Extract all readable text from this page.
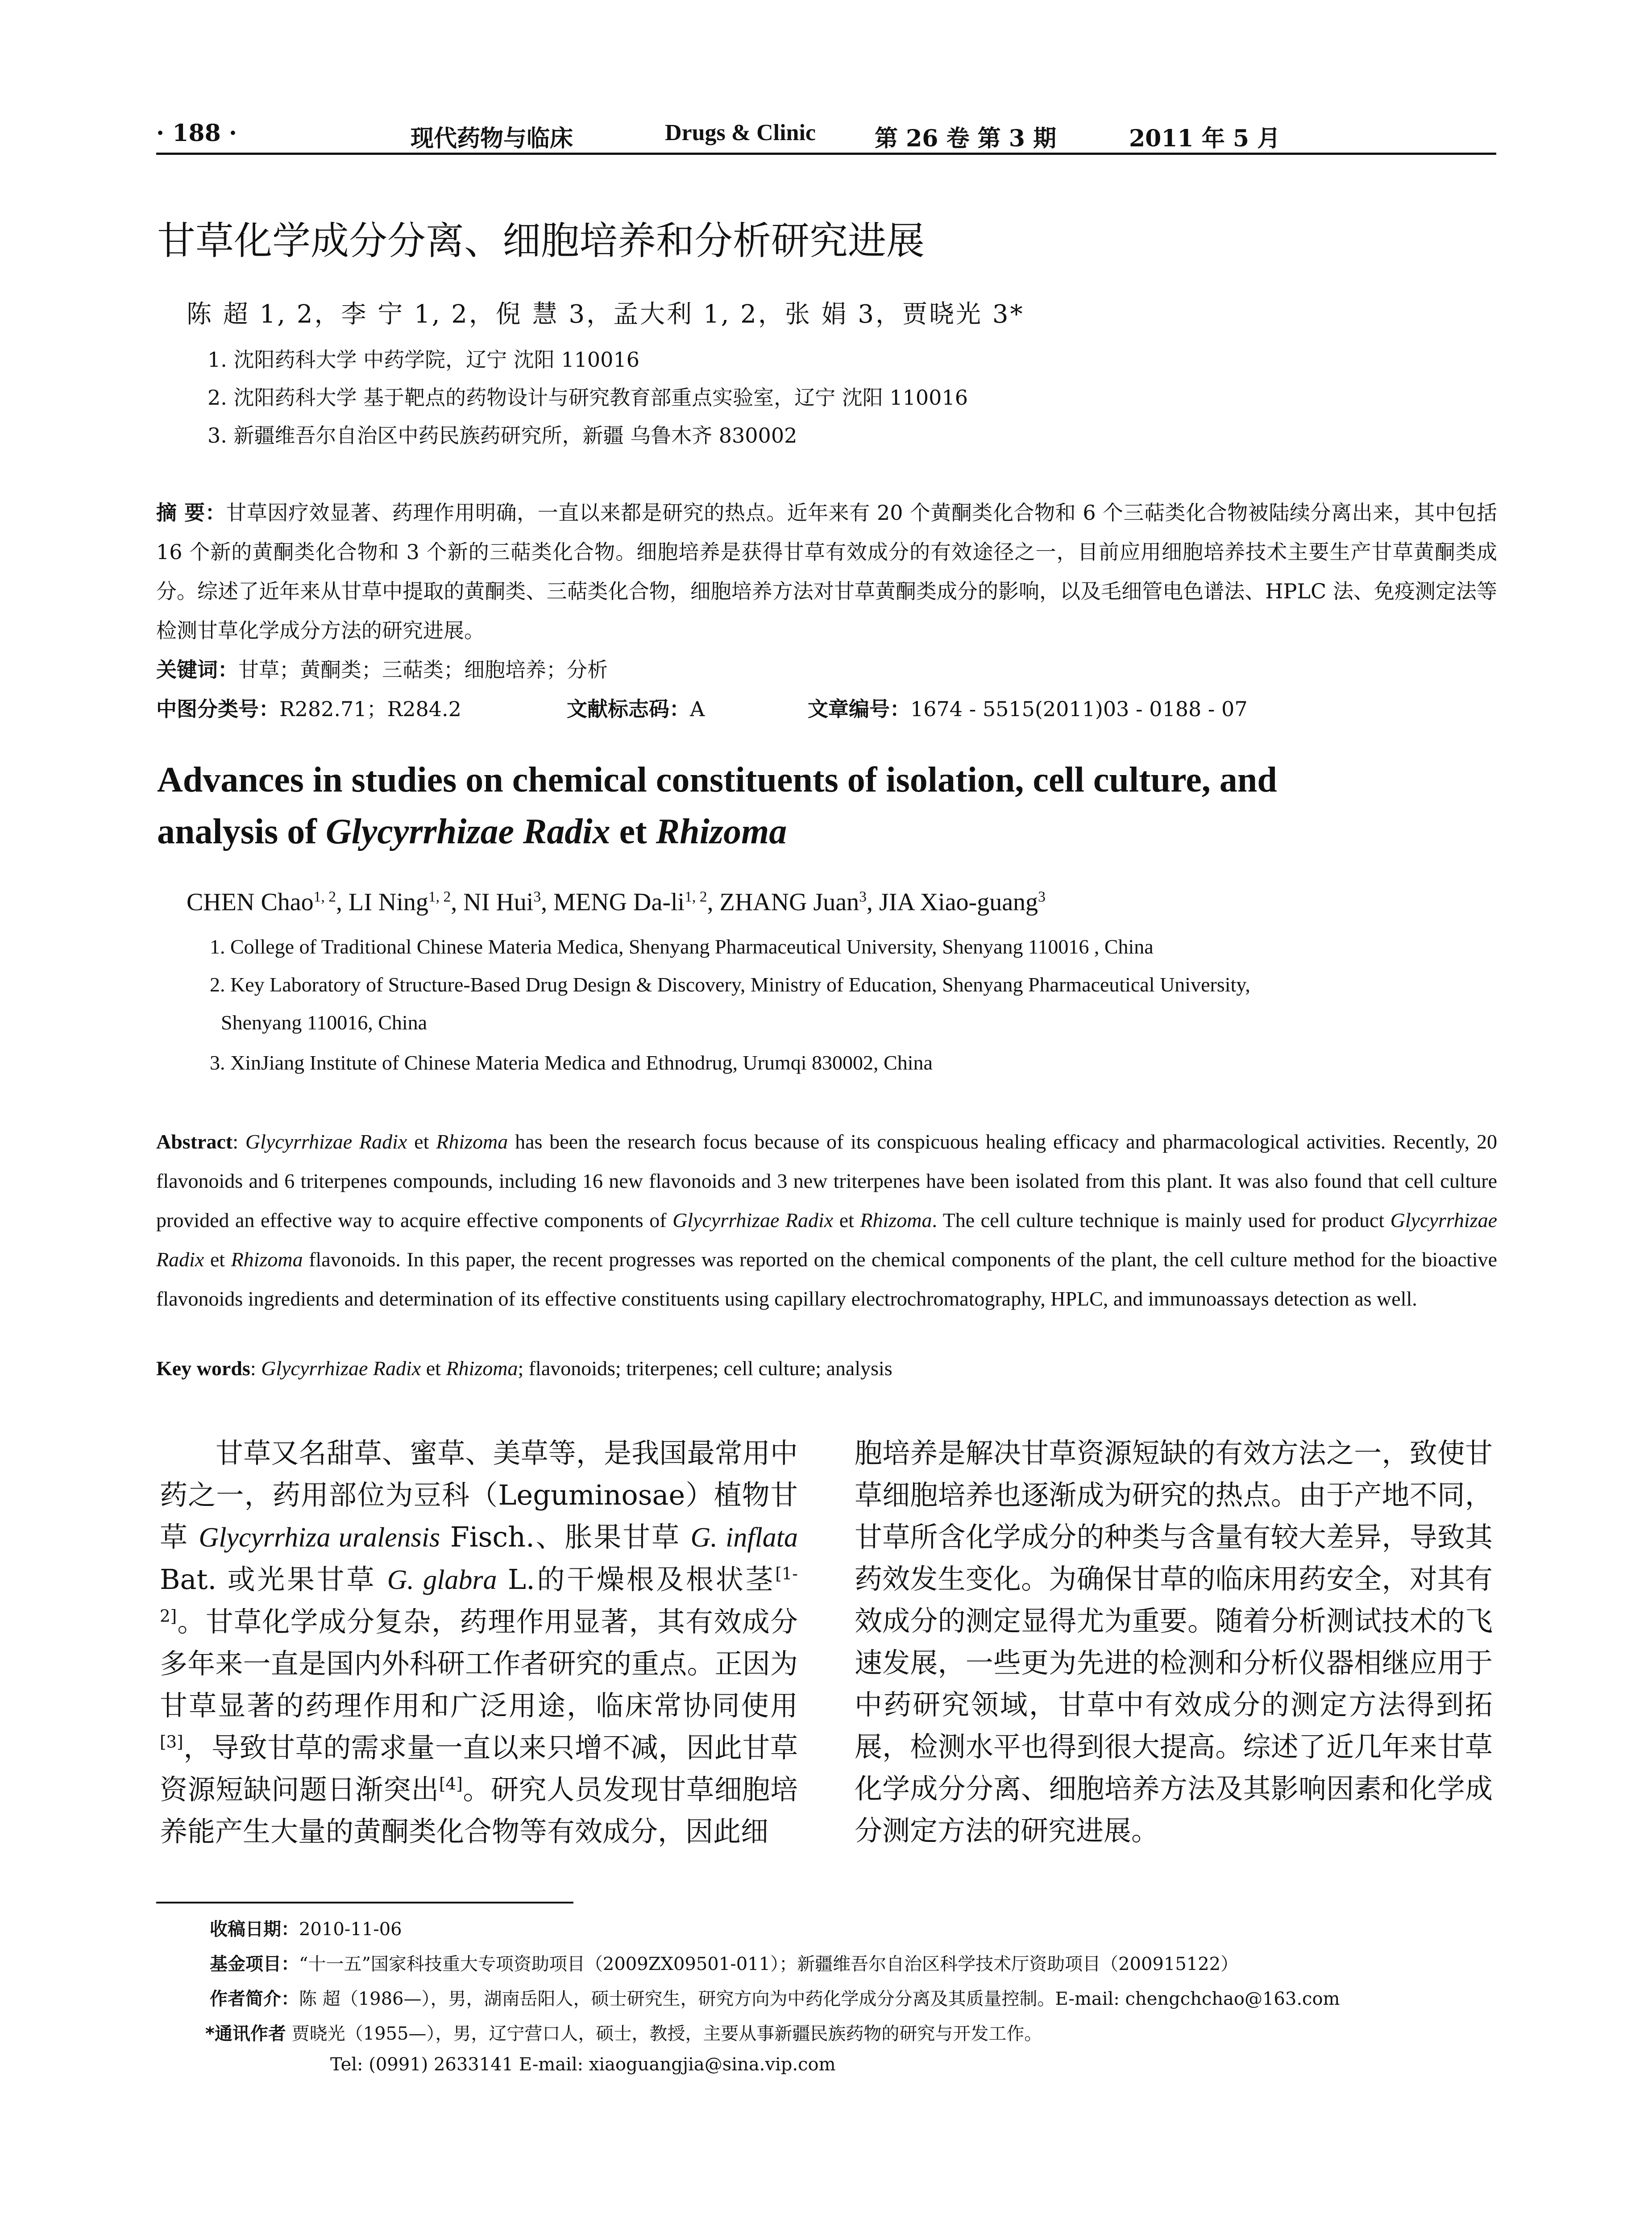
· 188 ·	现代药物与临床	Drugs & Clinic	第 26 卷 第 3 期	2011 年 5 月
甘草化学成分分离、细胞培养和分析研究进展
陈 超 1, 2，李 宁 1, 2，倪 慧 3，孟大利 1, 2，张 娟 3，贾晓光 3*
1. 沈阳药科大学 中药学院，辽宁 沈阳 110016
2. 沈阳药科大学 基于靶点的药物设计与研究教育部重点实验室，辽宁 沈阳 110016
3. 新疆维吾尔自治区中药民族药研究所，新疆 乌鲁木齐 830002
摘 要：甘草因疗效显著、药理作用明确，一直以来都是研究的热点。近年来有 20 个黄酮类化合物和 6 个三萜类化合物被陆续分离出来，其中包括 16 个新的黄酮类化合物和 3 个新的三萜类化合物。细胞培养是获得甘草有效成分的有效途径之一，目前应用细胞培养技术主要生产甘草黄酮类成分。综述了近年来从甘草中提取的黄酮类、三萜类化合物，细胞培养方法对甘草黄酮类成分的影响，以及毛细管电色谱法、HPLC 法、免疫测定法等检测甘草化学成分方法的研究进展。
关键词：甘草；黄酮类；三萜类；细胞培养；分析
中图分类号：R282.71；R284.2	文献标志码：A	文章编号：1674 - 5515(2011)03 - 0188 - 07
Advances in studies on chemical constituents of isolation, cell culture, and
analysis of Glycyrrhizae Radix et Rhizoma
CHEN Chao$^{1, 2}$, LI Ning$^{1, 2}$, NI Hui$^3$, MENG Da-li$^{1, 2}$, ZHANG Juan$^3$, JIA Xiao-guang$^3$
1. College of Traditional Chinese Materia Medica, Shenyang Pharmaceutical University, Shenyang 110016 , China
2. Key Laboratory of Structure-Based Drug Design & Discovery, Ministry of Education, Shenyang Pharmaceutical University,
Shenyang 110016, China
3. XinJiang Institute of Chinese Materia Medica and Ethnodrug, Urumqi 830002, China
Abstract: Glycyrrhizae Radix et Rhizoma has been the research focus because of its conspicuous healing efficacy and pharmacological activities. Recently, 20 flavonoids and 6 triterpenes compounds, including 16 new flavonoids and 3 new triterpenes have been isolated from this plant. It was also found that cell culture provided an effective way to acquire effective components of Glycyrrhizae Radix et Rhizoma. The cell culture technique is mainly used for product Glycyrrhizae Radix et Rhizoma flavonoids. In this paper, the recent progresses was reported on the chemical components of the plant, the cell culture method for the bioactive flavonoids ingredients and determination of its effective constituents using capillary electrochromatography, HPLC, and immunoassays detection as well.
Key words: Glycyrrhizae Radix et Rhizoma; flavonoids; triterpenes; cell culture; analysis
甘草又名甜草、蜜草、美草等，是我国最常用中药之一，药用部位为豆科（Leguminosae）植物甘草 Glycyrrhiza uralensis Fisch.、胀果甘草 G. inflata Bat. 或光果甘草 G. glabra L.的干燥根及根状茎[1-2]。甘草化学成分复杂，药理作用显著，其有效成分多年来一直是国内外科研工作者研究的重点。正因为甘草显著的药理作用和广泛用途，临床常协同使用[3]，导致甘草的需求量一直以来只增不减，因此甘草资源短缺问题日渐突出[4]。研究人员发现甘草细胞培养能产生大量的黄酮类化合物等有效成分，因此细
胞培养是解决甘草资源短缺的有效方法之一，致使甘草细胞培养也逐渐成为研究的热点。由于产地不同，甘草所含化学成分的种类与含量有较大差异，导致其药效发生变化。为确保甘草的临床用药安全，对其有效成分的测定显得尤为重要。随着分析测试技术的飞速发展，一些更为先进的检测和分析仪器相继应用于中药研究领域，甘草中有效成分的测定方法得到拓展，检测水平也得到很大提高。综述了近几年来甘草化学成分分离、细胞培养方法及其影响因素和化学成分测定方法的研究进展。
收稿日期：2010-11-06
基金项目：“十一五”国家科技重大专项资助项目（2009ZX09501-011）；新疆维吾尔自治区科学技术厅资助项目（200915122）
作者简介：陈 超（1986—），男，湖南岳阳人，硕士研究生，研究方向为中药化学成分分离及其质量控制。E-mail: chengchchao@163.com
*通讯作者 贾晓光（1955—），男，辽宁营口人，硕士，教授，主要从事新疆民族药物的研究与开发工作。
Tel: (0991) 2633141 E-mail: xiaoguangjia@sina.vip.com
